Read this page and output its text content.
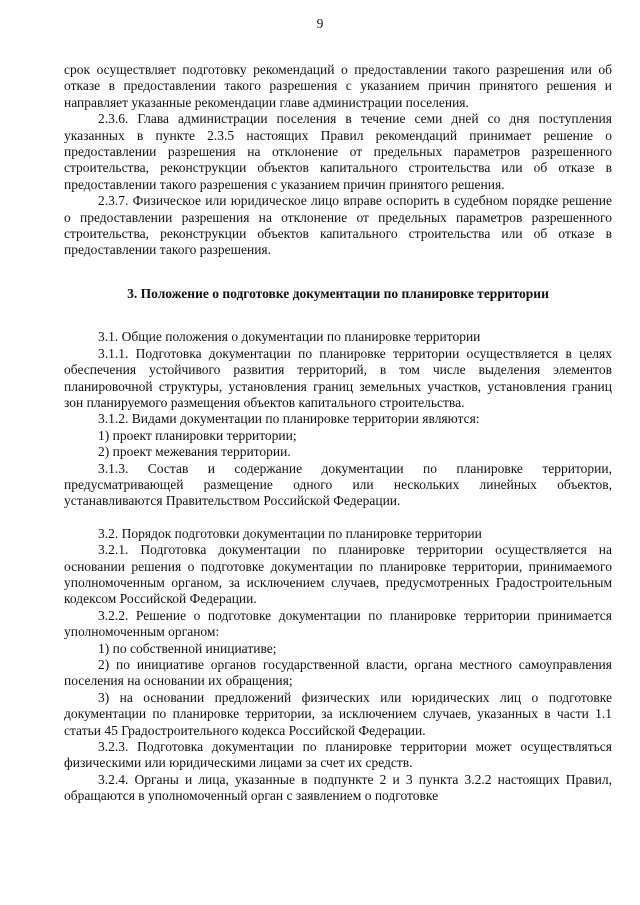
9

срок осуществляет подготовку рекомендаций о предоставлении такого разрешения или об отказе в предоставлении такого разрешения с указанием причин принятого решения и направляет указанные рекомендации главе администрации поселения.

2.3.6. Глава администрации поселения в течение семи дней со дня поступления указанных в пункте 2.3.5 настоящих Правил рекомендаций принимает решение о предоставлении разрешения на отклонение от предельных параметров разрешенного строительства, реконструкции объектов капитального строительства или об отказе в предоставлении такого разрешения с указанием причин принятого решения.

2.3.7. Физическое или юридическое лицо вправе оспорить в судебном порядке решение о предоставлении разрешения на отклонение от предельных параметров разрешенного строительства, реконструкции объектов капитального строительства или об отказе в предоставлении такого разрешения.

3. Положение о подготовке документации по планировке территории

3.1. Общие положения о документации по планировке территории

3.1.1. Подготовка документации по планировке территории осуществляется в целях обеспечения устойчивого развития территорий, в том числе выделения элементов планировочной структуры, установления границ земельных участков, установления границ зон планируемого размещения объектов капитального строительства.

3.1.2. Видами документации по планировке территории являются:

1) проект планировки территории;

2) проект межевания территории.

3.1.3. Состав и содержание документации по планировке территории, предусматривающей размещение одного или нескольких линейных объектов, устанавливаются Правительством Российской Федерации.

3.2. Порядок подготовки документации по планировке территории

3.2.1. Подготовка документации по планировке территории осуществляется на основании решения о подготовке документации по планировке территории, принимаемого уполномоченным органом, за исключением случаев, предусмотренных Градостроительным кодексом Российской Федерации.

3.2.2. Решение о подготовке документации по планировке территории принимается уполномоченным органом:

1) по собственной инициативе;

2) по инициативе органов государственной власти, органа местного самоуправления поселения на основании их обращения;

3) на основании предложений физических или юридических лиц о подготовке документации по планировке территории, за исключением случаев, указанных в части 1.1 статьи 45 Градостроительного кодекса Российской Федерации.

3.2.3. Подготовка документации по планировке территории может осуществляться физическими или юридическими лицами за счет их средств.

3.2.4. Органы и лица, указанные в подпункте 2 и 3 пункта 3.2.2 настоящих Правил, обращаются в уполномоченный орган с заявлением о подготовке
